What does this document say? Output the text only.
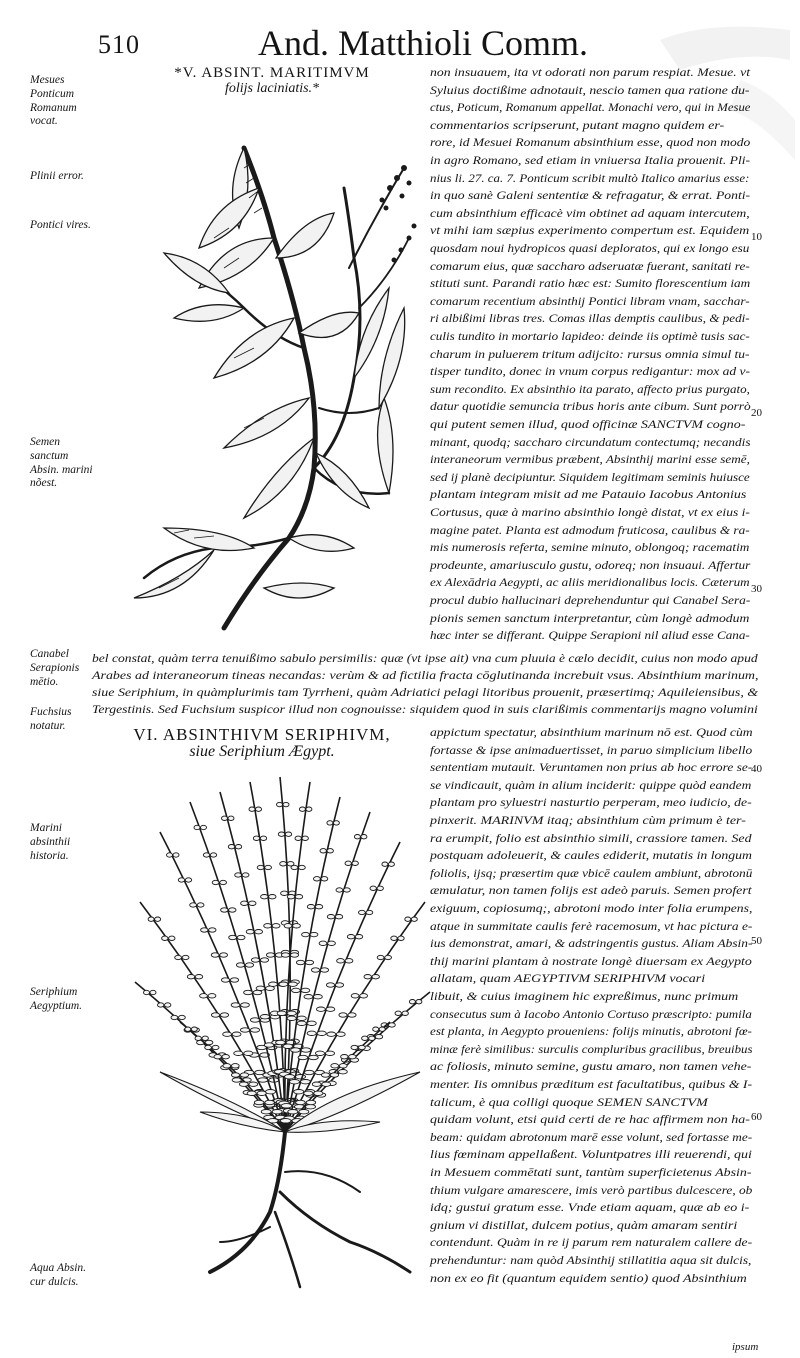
510	And. Matthioli Comm.
Mesues Ponticum Romanum vocat.
Plinii error.
Pontici vires.
Semen sanctum Absin. marini nõest.
Canabel Serapionis mētio.
Fuchsius notatur.
Marini absinthii historia.
Seriphium Aegyptium.
Aqua Absin. cur dulcis.
*V. ABSINT. MARITIMVM
folijs laciniatis.*
VI. ABSINTHIVM SERIPHIVM,
siue Seriphium Ægypt.
non insuauem, ita vt odorati non parum respiat. Mesue. vt
Syluius doctißime adnotauit, nescio tamen qua ratione du-
ctus, Poticum, Romanum appellat. Monachi vero, qui in Mesue
commentarios scripserunt, putant magno quidem er-
rore, id Mesuei Romanum absinthium esse, quod non modo
in agro Romano, sed etiam in vniuersa Italia prouenit. Pli-
nius li. 27. ca. 7. Ponticum scribit multò Italico amarius esse:
in quo sanè Galeni sententiæ & refragatur, & errat. Ponti-
cum absinthium efficacè vim obtinet ad aquam intercutem,
vt mihi iam sæpius experimento compertum est. Equidem
quosdam noui hydropicos quasi deploratos, qui ex longo esu
comarum eius, quæ saccharo adseruatæ fuerant, sanitati re-
stituti sunt. Parandi ratio hæc est: Sumito florescentium iam
comarum recentium absinthij Pontici libram vnam, sacchar-
ri albißimi libras tres. Comas illas demptis caulibus, & pedi-
culis tundito in mortario lapideo: deinde iis optimè tusis sac-
charum in puluerem tritum adijcito: rursus omnia simul tu-
tisper tundito, donec in vnum corpus redigantur: mox ad v-
sum recondito. Ex absinthio ita parato, affecto prius purgato,
datur quotidie semuncia tribus horis ante cibum. Sunt porrò
qui putent semen illud, quod officinæ SANCTVM cogno-
minant, quodq; saccharo circundatum contectumq; necandis
interaneorum vermibus præbent, Absinthij marini esse semē,
sed ij planè decipiuntur. Siquidem legitimam seminis huiusce
plantam integram misit ad me Patauio Iacobus Antonius
Cortusus, quæ à marino absinthio longè distat, vt ex eius i-
magine patet. Planta est admodum fruticosa, caulibus & ra-
mis numerosis referta, semine minuto, oblongoq; racematim
prodeunte, amariusculo gustu, odoreq; non insuaui. Affertur
ex Alexādria Aegypti, ac aliis meridionalibus locis. Cæterum
procul dubio hallucinari deprehenduntur qui Canabel Sera-
pionis semen sanctum interpretantur, cùm longè admodum
hæc inter se differant. Quippe Serapioni nil aliud esse Cana-
bel constat, quàm terra tenuißimo sabulo persimilis: quæ (vt ipse ait) vna cum pluuia è cælo decidit, cuius non modo apud
Arabes ad interaneorum tineas necandas: verùm & ad fictilia fracta cōglutinanda increbuit vsus. Absinthium marinum,
siue Seriphium, in quàmplurimis tam Tyrrheni, quàm Adriatici pelagi litoribus prouenit, præsertimq; Aquileiensibus, &
Tergestinis. Sed Fuchsium suspicor illud non cognouisse: siquidem quod in suis clarißimis commentarijs magno volumini
appictum spectatur, absinthium marinum nō est. Quod cùm
fortasse & ipse animaduertisset, in paruo simplicium libello
sententiam mutauit. Veruntamen non prius ab hoc errore se-
se vindicauit, quàm in alium inciderit: quippe quòd eandem
plantam pro syluestri nasturtio perperam, meo iudicio, de-
pinxerit. MARINVM itaq; absinthium cùm primum è ter-
ra erumpit, folio est absinthio simili, crassiore tamen. Sed
postquam adoleuerit, & caules ediderit, mutatis in longum
foliolis, ijsq; præsertim quæ vbicē caulem ambiunt, abrotonū
æmulatur, non tamen folijs est adeò paruis. Semen profert
exiguum, copiosumq;, abrotoni modo inter folia erumpens,
atque in summitate caulis ferè racemosum, vt hac pictura e-
ius demonstrat, amari, & adstringentis gustus. Aliam Absin-
thij marini plantam à nostrate longè diuersam ex Aegypto
allatam, quam AEGYPTIVM SERIPHIVM vocari
libuit, & cuius imaginem hic expreßimus, nunc primum
consecutus sum à Iacobo Antonio Cortuso præscripto: pumila
est planta, in Aegypto proueniens: folijs minutis, abrotoni fœ-
minæ ferè similibus: surculis compluribus gracilibus, breuibus
ac foliosis, minuto semine, gustu amaro, non tamen vehe-
menter. Iis omnibus præditum est facultatibus, quibus & I-
talicum, è qua colligi quoque SEMEN SANCTVM
quidam volunt, etsi quid certi de re hac affirmem non ha-
beam: quidam abrotonum marē esse volunt, sed fortasse me-
lius fœminam appellaßent. Voluntpatres illi reuerendi, qui
in Mesuem commētati sunt, tantùm superficietenus Absin-
thium vulgare amarescere, imis verò partibus dulcescere, ob
idq; gustui gratum esse. Vnde etiam aquam, quæ ab eo i-
gnium vi distillat, dulcem potius, quàm amaram sentiri
contendunt. Quàm in re ij parum rem naturalem callere de-
prehenduntur: nam quòd Absinthij stillatitia aqua sit dulcis,
non ex eo fit (quantum equidem sentio) quod Absinthium
10
20
30
40
50
60
ipsum
